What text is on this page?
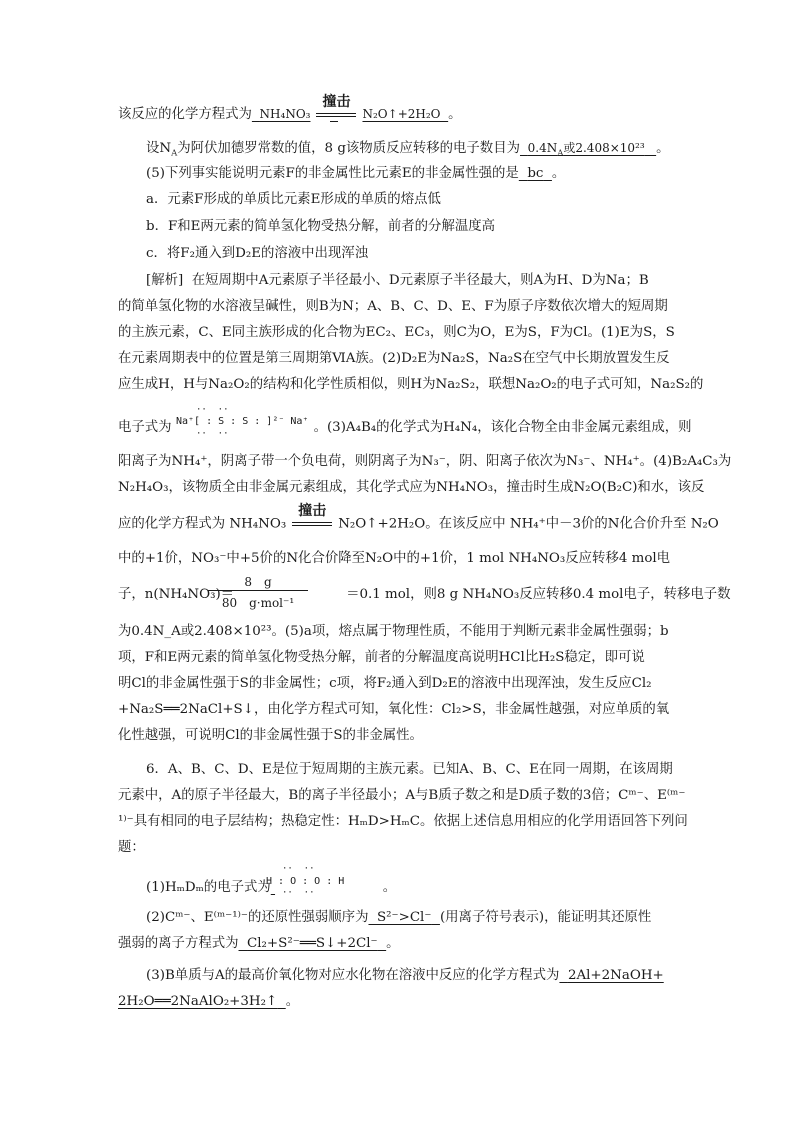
该反应的化学方程式为 NH₄NO₃
撞击
N₂O↑+2H₂O 。
设$N_A$为阿伏加德罗常数的值，8 g该物质反应转移的电子数目为 $0.4N_A$或2.408×10²³ 。
(5)下列事实能说明元素F的非金属性比元素E的非金属性强的是 bc 。
a．元素F形成的单质比元素E形成的单质的熔点低
b．F和E两元素的简单氢化物受热分解，前者的分解温度高
c．将F₂通入到D₂E的溶液中出现浑浊
[解析] 在短周期中A元素原子半径最小、D元素原子半径最大，则A为H、D为Na；B
的简单氢化物的水溶液呈碱性，则B为N；A、B、C、D、E、F为原子序数依次增大的短周期
的主族元素，C、E同主族形成的化合物为EC₂、EC₃，则C为O，E为S，F为Cl。(1)E为S，S
在元素周期表中的位置是第三周期第ⅥA族。(2)D₂E为Na₂S，Na₂S在空气中长期放置发生反
应生成H，H与Na₂O₂的结构和化学性质相似，则H为Na₂S₂，联想Na₂O₂的电子式可知，Na₂S₂的
电子式为	。(3)A₄B₄的化学式为H₄N₄，该化合物全由非金属元素组成，则
··  ··
Na⁺[ : S : S : ]²⁻ Na⁺
··  ··
阳离子为NH₄⁺，阴离子带一个负电荷，则阴离子为N₃⁻，阴、阳离子依次为N₃⁻、NH₄⁺。(4)B₂A₄C₃为
N₂H₄O₃，该物质全由非金属元素组成，其化学式应为NH₄NO₃，撞击时生成N₂O(B₂C)和水，该反
应的化学方程式为 NH₄NO₃
撞击
N₂O↑+2H₂O。在该反应中 NH₄⁺中－3价的N化合价升至 N₂O
中的+1价，NO₃⁻中+5价的N化合价降至N₂O中的+1价，1 mol NH₄NO₃反应转移4 mol电
子，n(NH₄NO₃)＝	＝0.1 mol，则8 g NH₄NO₃反应转移0.4 mol电子，转移电子数
8　g
80　g·mol⁻¹
为0.4N_A或2.408×10²³。(5)a项，熔点属于物理性质，不能用于判断元素非金属性强弱；b
项，F和E两元素的简单氢化物受热分解，前者的分解温度高说明HCl比H₂S稳定，即可说
明Cl的非金属性强于S的非金属性；c项，将F₂通入到D₂E的溶液中出现浑浊，发生反应Cl₂
+Na₂S══2NaCl+S↓，由化学方程式可知，氧化性：Cl₂>S，非金属性越强，对应单质的氧
化性越强，可说明Cl的非金属性强于S的非金属性。
6．A、B、C、D、E是位于短周期的主族元素。已知A、B、C、E在同一周期，在该周期
元素中，A的原子半径最大，B的离子半径最小；A与B质子数之和是D质子数的3倍；Cᵐ⁻、E⁽ᵐ⁻
¹⁾⁻具有相同的电子层结构；热稳定性：HₘD>HₘC。依据上述信息用相应的化学用语回答下列问
题：
(1)HₘDₘ的电子式为	。
··  ··
H : O : O : H
··  ··
(2)Cᵐ⁻、E⁽ᵐ⁻¹⁾⁻的还原性强弱顺序为 S²⁻>Cl⁻ (用离子符号表示)，能证明其还原性
强弱的离子方程式为 Cl₂+S²⁻══S↓+2Cl⁻ 。
(3)B单质与A的最高价氧化物对应水化物在溶液中反应的化学方程式为 2Al+2NaOH+
2H₂O══2NaAlO₂+3H₂↑ 。
